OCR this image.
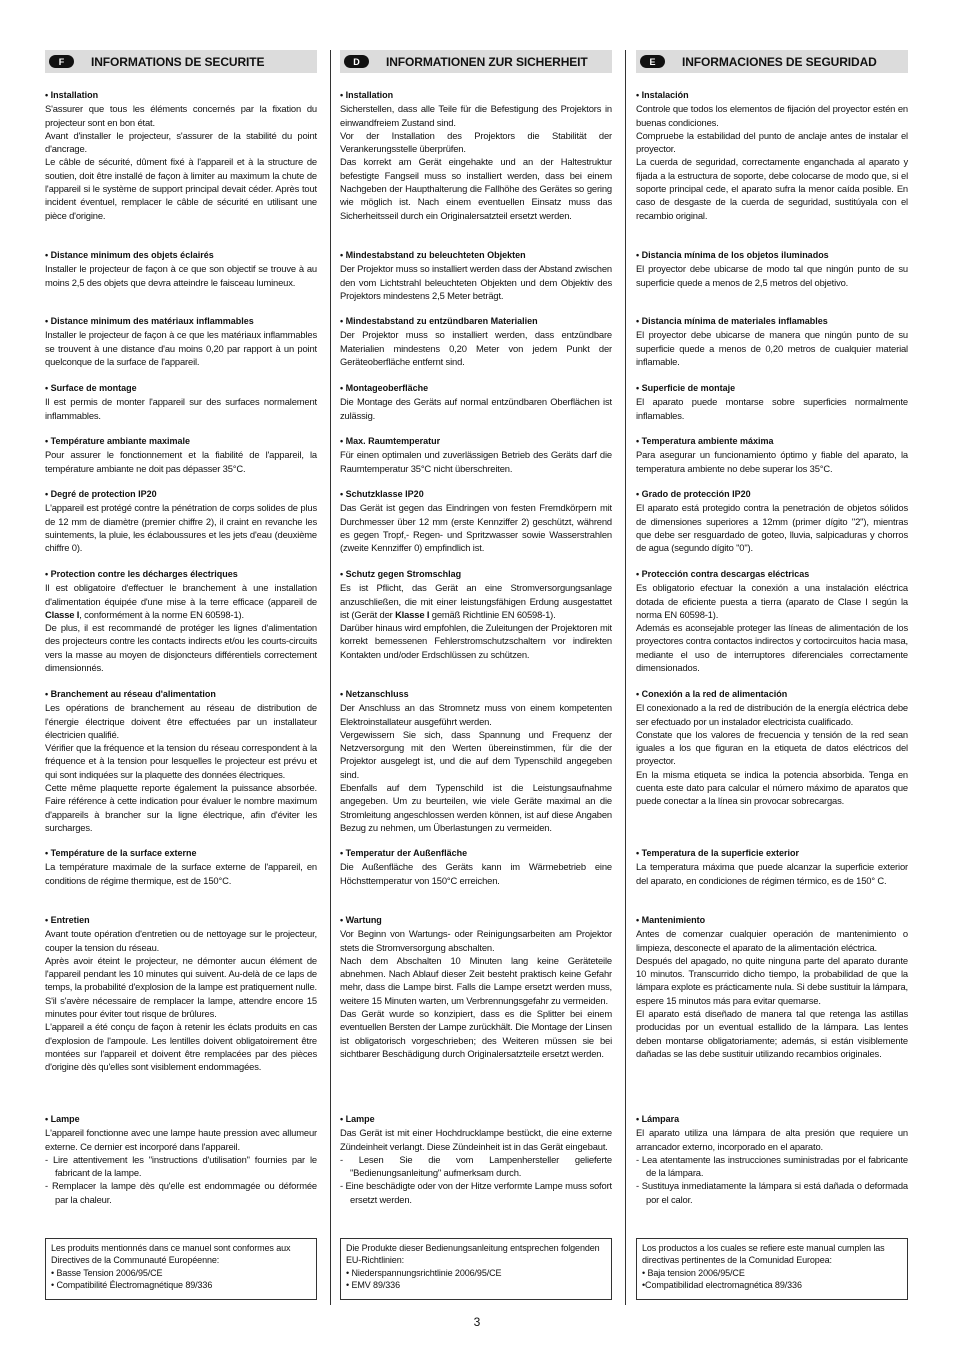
F	INFORMATIONS DE SECURITE
• Installation

S'assurer que tous les éléments concernés par la fixation du projecteur sont en bon état.

Avant d'installer le projecteur, s'assurer de la stabilité du point d'ancrage.

Le câble de sécurité, dûment fixé à l'appareil et à la structure de soutien, doit être installé de façon à limiter au maximum la chute de l'appareil si le système de support principal devait céder. Après tout incident éventuel, remplacer le câble de sécurité en utilisant une pièce d'origine.

• Distance minimum des objets éclairés

Installer le projecteur de façon à ce que son objectif se trouve à au moins 2,5 des objets que devra atteindre le faisceau lumineux.

• Distance minimum des matériaux inflammables

Installer le projecteur de façon à ce que les matériaux inflammables se trouvent à une distance d'au moins 0,20 par rapport à un point quelconque de la surface de l'appareil.

• Surface de montage

Il est permis de monter l'appareil sur des surfaces normalement inflammables.

• Température ambiante maximale

Pour assurer le fonctionnement et la fiabilité de l'appareil, la température ambiante ne doit pas dépasser 35°C.

• Degré de protection IP20

L'appareil est protégé contre la pénétration de corps solides de plus de 12 mm de diamètre (premier chiffre 2), il craint en revanche les suintements, la pluie, les éclaboussures et les jets d'eau (deuxième chiffre 0).

• Protection contre les décharges électriques

Il est obligatoire d'effectuer le branchement à une installation d'alimentation équipée d'une mise à la terre efficace (appareil de Classe I, conformément à la norme EN 60598-1).

De plus, il est recommandé de protéger les lignes d'alimentation des projecteurs contre les contacts indirects et/ou les courts-circuits vers la masse au moyen de disjoncteurs différentiels correctement dimensionnés.

• Branchement au réseau d'alimentation

Les opérations de branchement au réseau de distribution de l'énergie électrique doivent être effectuées par un installateur électricien qualifié.

Vérifier que la fréquence et la tension du réseau correspondent à la fréquence et à la tension pour lesquelles le projecteur est prévu et qui sont indiquées sur la plaquette des données électriques.

Cette même plaquette reporte également la puissance absorbée. Faire référence à cette indication pour évaluer le nombre maximum d'appareils à brancher sur la ligne électrique, afin d'éviter les surcharges.

• Température de la surface externe

La température maximale de la surface externe de l'appareil, en conditions de régime thermique, est de 150°C.

• Entretien

Avant toute opération d'entretien ou de nettoyage sur le projecteur, couper la tension du réseau.

Après avoir éteint le projecteur, ne démonter aucun élément de l'appareil pendant les 10 minutes qui suivent. Au-delà de ce laps de temps, la probabilité d'explosion de la lampe est pratiquement nulle. S'il s'avère nécessaire de remplacer la lampe, attendre encore 15 minutes pour éviter tout risque de brûlures.

L'appareil a été conçu de façon à retenir les éclats produits en cas d'explosion de l'ampoule. Les lentilles doivent obligatoirement être montées sur l'appareil et doivent être remplacées par des pièces d'origine dès qu'elles sont visiblement endommagées.

• Lampe

L'appareil fonctionne avec une lampe haute pression avec allumeur externe. Ce dernier est incorporé dans l'appareil.

- Lire attentivement les "instructions d'utilisation" fournies par le fabricant de la lampe.

- Remplacer la lampe dès qu'elle est endommagée ou déformée par la chaleur.

Les produits mentionnés dans ce manuel sont conformes aux Directives de la Communauté Européenne:

• Basse Tension 2006/95/CE

• Compatibilité Électromagnétique 89/336

D	INFORMATIONEN ZUR SICHERHEIT
• Installation

Sicherstellen, dass alle Teile für die Befestigung des Projektors in einwandfreiem Zustand sind.

Vor der Installation des Projektors die Stabilität der Verankerungsstelle überprüfen.

Das korrekt am Gerät eingehakte und an der Haltestruktur befestigte Fangseil muss so installiert werden, dass bei einem Nachgeben der Haupthalterung die Fallhöhe des Gerätes so gering wie möglich ist. Nach einem eventuellen Einsatz muss das Sicherheitsseil durch ein Originalersatzteil ersetzt werden.

• Mindestabstand zu beleuchteten Objekten

Der Projektor muss so installiert werden dass der Abstand zwischen den vom Lichtstrahl beleuchteten Objekten und dem Objektiv des Projektors mindestens 2,5 Meter beträgt.

• Mindestabstand zu entzündbaren Materialien

Der Projektor muss so installiert werden, dass entzündbare Materialien mindestens 0,20 Meter von jedem Punkt der Geräteoberfläche entfernt sind.

• Montageoberfläche

Die Montage des Geräts auf normal entzündbaren Oberflächen ist zulässig.

• Max. Raumtemperatur

Für einen optimalen und zuverlässigen Betrieb des Geräts darf die Raumtemperatur 35°C nicht überschreiten.

• Schutzklasse IP20

Das Gerät ist gegen das Eindringen von festen Fremdkörpern mit Durchmesser über 12 mm (erste Kennziffer 2) geschützt, während es gegen Tropf,- Regen- und Spritzwasser sowie Wasserstrahlen (zweite Kennziffer 0) empfindlich ist.

• Schutz gegen Stromschlag

Es ist Pflicht, das Gerät an eine Stromversorgungsanlage anzuschließen, die mit einer leistungsfähigen Erdung ausgestattet ist (Gerät der Klasse I gemäß Richtlinie EN 60598-1).

Darüber hinaus wird empfohlen, die Zuleitungen der Projektoren mit korrekt bemessenen Fehlerstromschutzschaltern vor indirekten Kontakten und/oder Erdschlüssen zu schützen.

• Netzanschluss

Der Anschluss an das Stromnetz muss von einem kompetenten Elektroinstallateur ausgeführt werden.

Vergewissern Sie sich, dass Spannung und Frequenz der Netzversorgung mit den Werten übereinstimmen, für die der Projektor ausgelegt ist, und die auf dem Typenschild angegeben sind.

Ebenfalls auf dem Typenschild ist die Leistungsaufnahme angegeben. Um zu beurteilen, wie viele Geräte maximal an die Stromleitung angeschlossen werden können, ist auf diese Angaben Bezug zu nehmen, um Überlastungen zu vermeiden.

• Temperatur der Außenfläche

Die Außenfläche des Geräts kann im Wärmebetrieb eine Höchsttemperatur von 150°C erreichen.

• Wartung

Vor Beginn von Wartungs- oder Reinigungsarbeiten am Projektor stets die Stromversorgung abschalten.

Nach dem Abschalten 10 Minuten lang keine Geräteteile abnehmen. Nach Ablauf dieser Zeit besteht praktisch keine Gefahr mehr, dass die Lampe birst. Falls die Lampe ersetzt werden muss, weitere 15 Minuten warten, um Verbrennungsgefahr zu vermeiden.

Das Gerät wurde so konzipiert, dass es die Splitter bei einem eventuellen Bersten der Lampe zurückhält. Die Montage der Linsen ist obligatorisch vorgeschrieben; des Weiteren müssen sie bei sichtbarer Beschädigung durch Originalersatzteile ersetzt werden.

• Lampe

Das Gerät ist mit einer Hochdrucklampe bestückt, die eine externe Zündeinheit verlangt. Diese Zündeinheit ist in das Gerät eingebaut.

- Lesen Sie die vom Lampenhersteller gelieferte "Bedienungsanleitung" aufmerksam durch.

- Eine beschädigte oder von der Hitze verformte Lampe muss sofort ersetzt werden.

Die Produkte dieser Bedienungsanleitung entsprechen folgenden EU-Richtlinien:

• Niederspannungsrichtlinie 2006/95/CE

• EMV 89/336

E	INFORMACIONES DE SEGURIDAD
• Instalación

Controle que todos los elementos de fijación del proyector estén en buenas condiciones.

Compruebe la estabilidad del punto de anclaje antes de instalar el proyector.

La cuerda de seguridad, correctamente enganchada al aparato y fijada a la estructura de soporte, debe colocarse de modo que, si el soporte principal cede, el aparato sufra la menor caída posible. En caso de desgaste de la cuerda de seguridad, sustitúyala con el recambio original.

• Distancia mínima de los objetos iluminados

El proyector debe ubicarse de modo tal que ningún punto de su superficie quede a menos de 2,5 metros del objetivo.

• Distancia mínima de materiales inflamables

El proyector debe ubicarse de manera que ningún punto de su superficie quede a menos de 0,20 metros de cualquier material inflamable.

• Superficie de montaje

El aparato puede montarse sobre superficies normalmente inflamables.

• Temperatura ambiente máxima

Para asegurar un funcionamiento óptimo y fiable del aparato, la temperatura ambiente no debe superar los 35°C.

• Grado de protección IP20

El aparato está protegido contra la penetración de objetos sólidos de dimensiones superiores a 12mm (primer dígito "2"), mientras que debe ser resguardado de goteo, lluvia, salpicaduras y chorros de agua (segundo dígito "0").

• Protección contra descargas eléctricas

Es obligatorio efectuar la conexión a una instalación eléctrica dotada de eficiente puesta a tierra (aparato de Clase I según la norma EN 60598-1).

Además es aconsejable proteger las líneas de alimentación de los proyectores contra contactos indirectos y cortocircuitos hacia masa, mediante el uso de interruptores diferenciales correctamente dimensionados.

• Conexión a la red de alimentación

El conexionado a la red de distribución de la energía eléctrica debe ser efectuado por un instalador electricista cualificado.

Constate que los valores de frecuencia y tensión de la red sean iguales a los que figuran en la etiqueta de datos eléctricos del proyector.

En la misma etiqueta se indica la potencia absorbida. Tenga en cuenta este dato para calcular el número máximo de aparatos que puede conectar a la línea sin provocar sobrecargas.

• Temperatura de la superficie exterior

La temperatura máxima que puede alcanzar la superficie exterior del aparato, en condiciones de régimen térmico, es de 150° C.

• Mantenimiento

Antes de comenzar cualquier operación de mantenimiento o limpieza, desconecte el aparato de la alimentación eléctrica.

Después del apagado, no quite ninguna parte del aparato durante 10 minutos. Transcurrido dicho tiempo, la probabilidad de que la lámpara explote es prácticamente nula. Si debe sustituir la lámpara, espere 15 minutos más para evitar quemarse.

El aparato está diseñado de manera tal que retenga las astillas producidas por un eventual estallido de la lámpara. Las lentes deben montarse obligatoriamente; además, si están visiblemente dañadas se las debe sustituir utilizando recambios originales.

• Lámpara

El aparato utiliza una lámpara de alta presión que requiere un arrancador externo, incorporado en el aparato.

- Lea atentamente las instrucciones suministradas por el fabricante de la lámpara.

- Sustituya inmediatamente la lámpara si está dañada o deformada por el calor.

Los productos a los cuales se refiere este manual cumplen las directivas pertinentes de la Comunidad Europea:

• Baja tension 2006/95/CE

•Compatibilidad electromagnética 89/336

3
